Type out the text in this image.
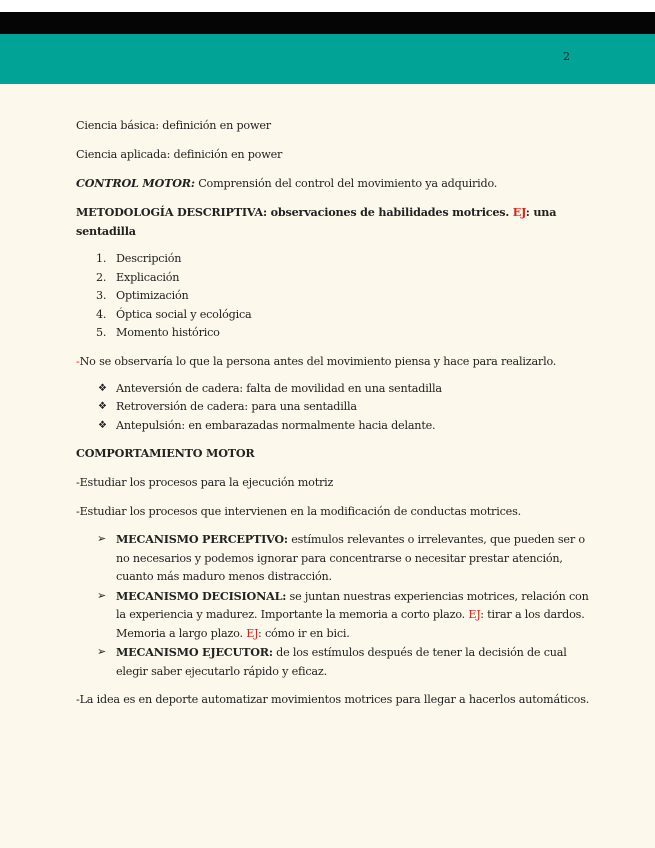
2

Ciencia básica: definición en power

Ciencia aplicada: definición en power

CONTROL MOTOR: Comprensión del control del movimiento ya adquirido.

METODOLOGÍA DESCRIPTIVA: observaciones de habilidades motrices. EJ: una sentadilla

1. Descripción
2. Explicación
3. Optimización
4. Óptica social y ecológica
5. Momento histórico

-No se observaría lo que la persona antes del movimiento piensa y hace para realizarlo.

❖ Anteversión de cadera: falta de movilidad en una sentadilla
❖ Retroversión de cadera: para una sentadilla
❖ Antepulsión: en embarazadas normalmente hacia delante.

COMPORTAMIENTO MOTOR

-Estudiar los procesos para la ejecución motriz

-Estudiar los procesos que intervienen en la modificación de conductas motrices.

➢ MECANISMO PERCEPTIVO: estímulos relevantes o irrelevantes, que pueden ser o no necesarios y podemos ignorar para concentrarse o necesitar prestar atención, cuanto más maduro menos distracción.
➢ MECANISMO DECISIONAL: se juntan nuestras experiencias motrices, relación con la experiencia y madurez. Importante la memoria a corto plazo. EJ: tirar a los dardos. Memoria a largo plazo. EJ: cómo ir en bici.
➢ MECANISMO EJECUTOR: de los estímulos después de tener la decisión de cual elegir saber ejecutarlo rápido y eficaz.

-La idea es en deporte automatizar movimientos motrices para llegar a hacerlos automáticos.
